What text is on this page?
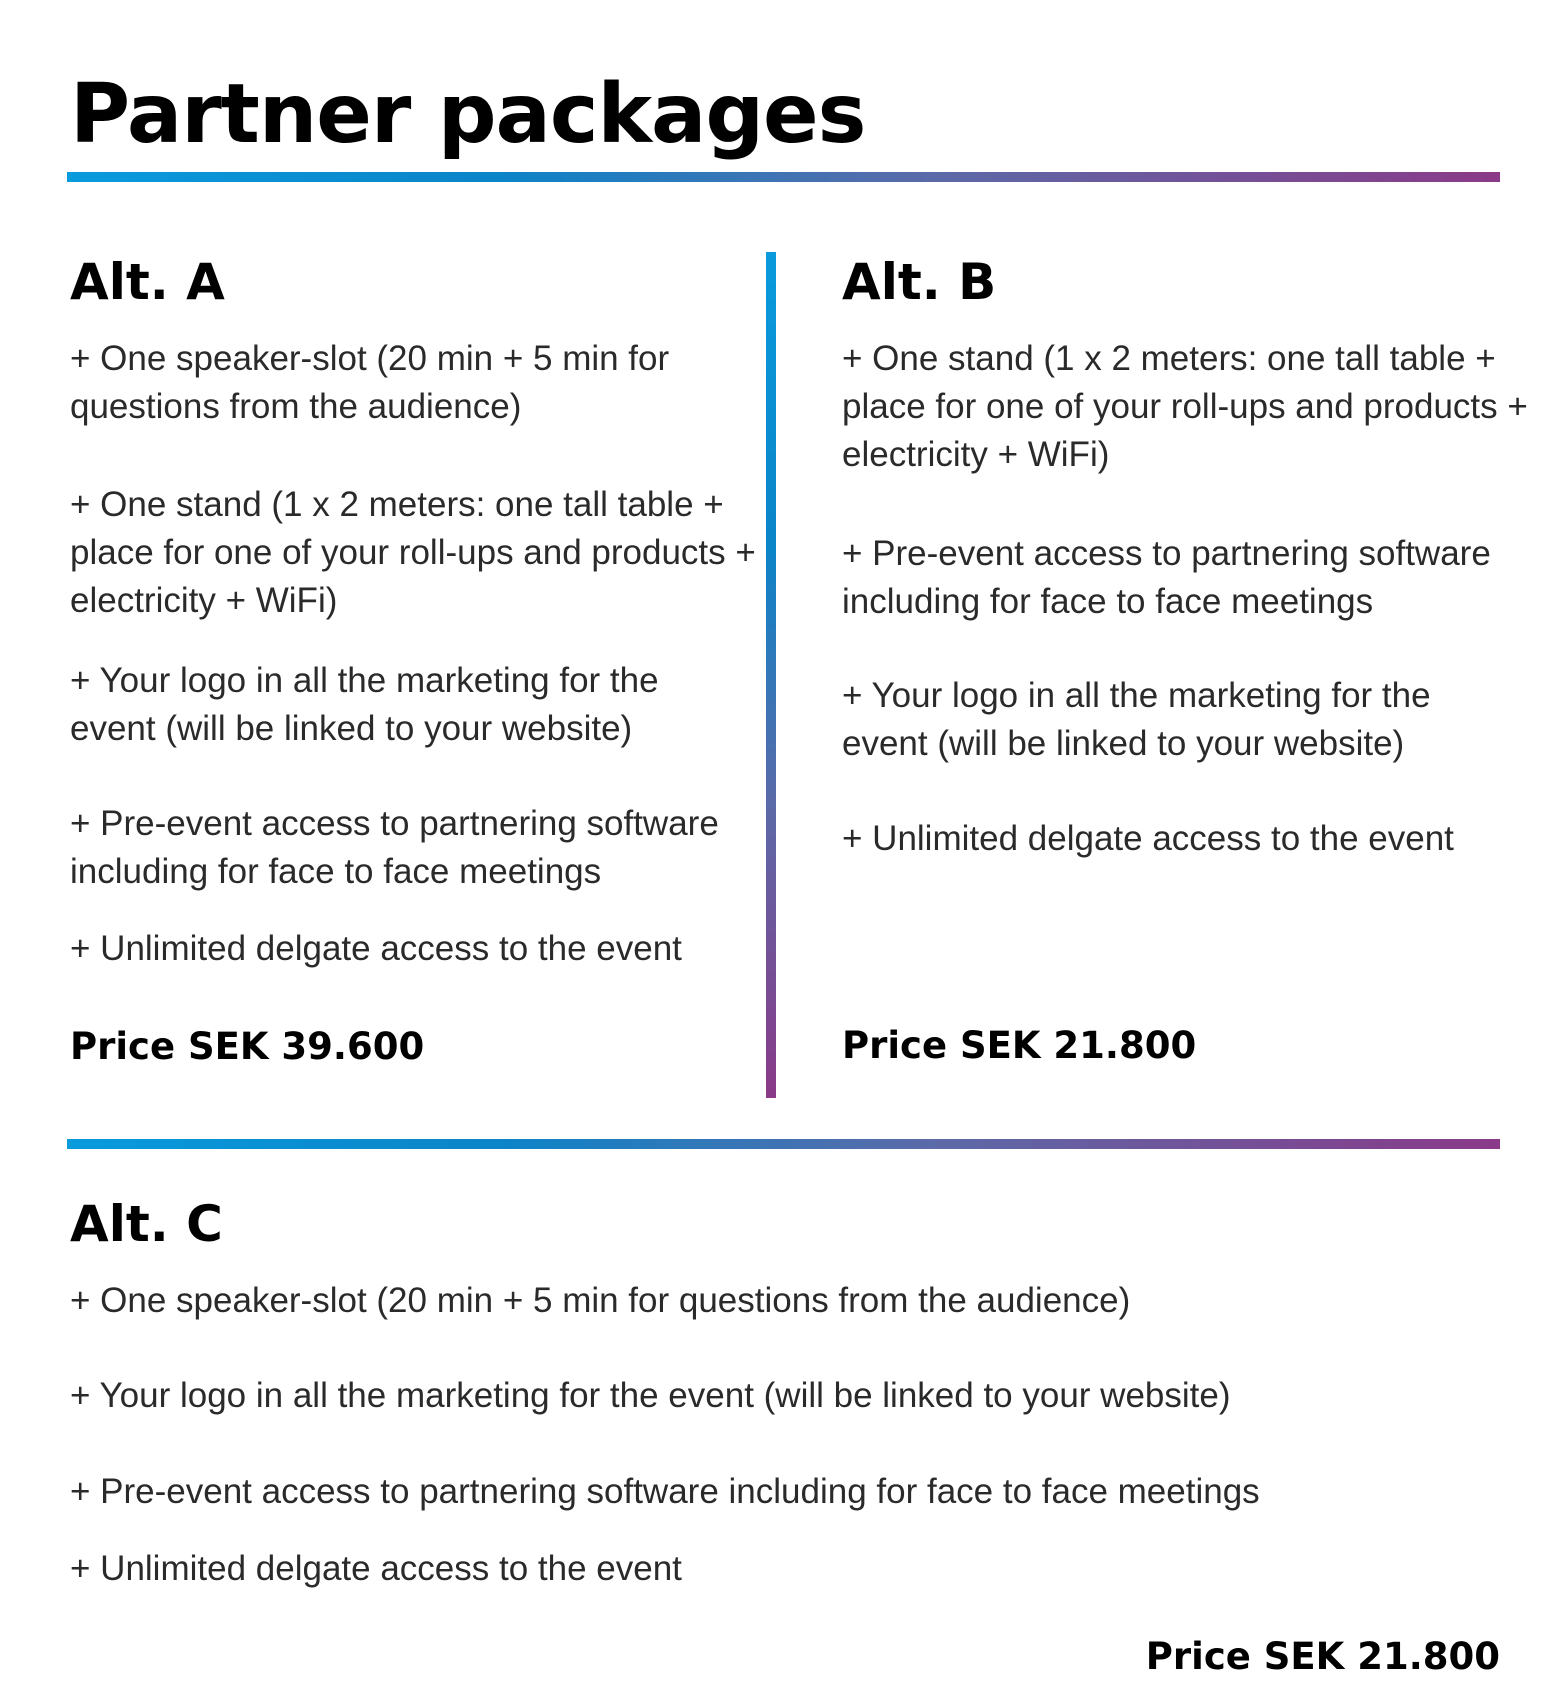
Partner packages
Alt. A
+ One speaker-slot (20 min + 5 min for
questions from the audience)
+ One stand (1 x 2 meters: one tall table +
place for one of your roll-ups and products +
electricity + WiFi)
+ Your logo in all the marketing for the
event (will be linked to your website)
+ Pre-event access to partnering software
including for face to face meetings
+ Unlimited delgate access to the event
Price SEK 39.600
Alt. B
+ One stand (1 x 2 meters: one tall table +
place for one of your roll-ups and products +
electricity + WiFi)
+ Pre-event access to partnering software
including for face to face meetings
+ Your logo in all the marketing for the
event (will be linked to your website)
+ Unlimited delgate access to the event
Price SEK 21.800
Alt. C
+ One speaker-slot (20 min + 5 min for questions from the audience)
+ Your logo in all the marketing for the event (will be linked to your website)
+ Pre-event access to partnering software including for face to face meetings
+ Unlimited delgate access to the event
Price SEK 21.800
